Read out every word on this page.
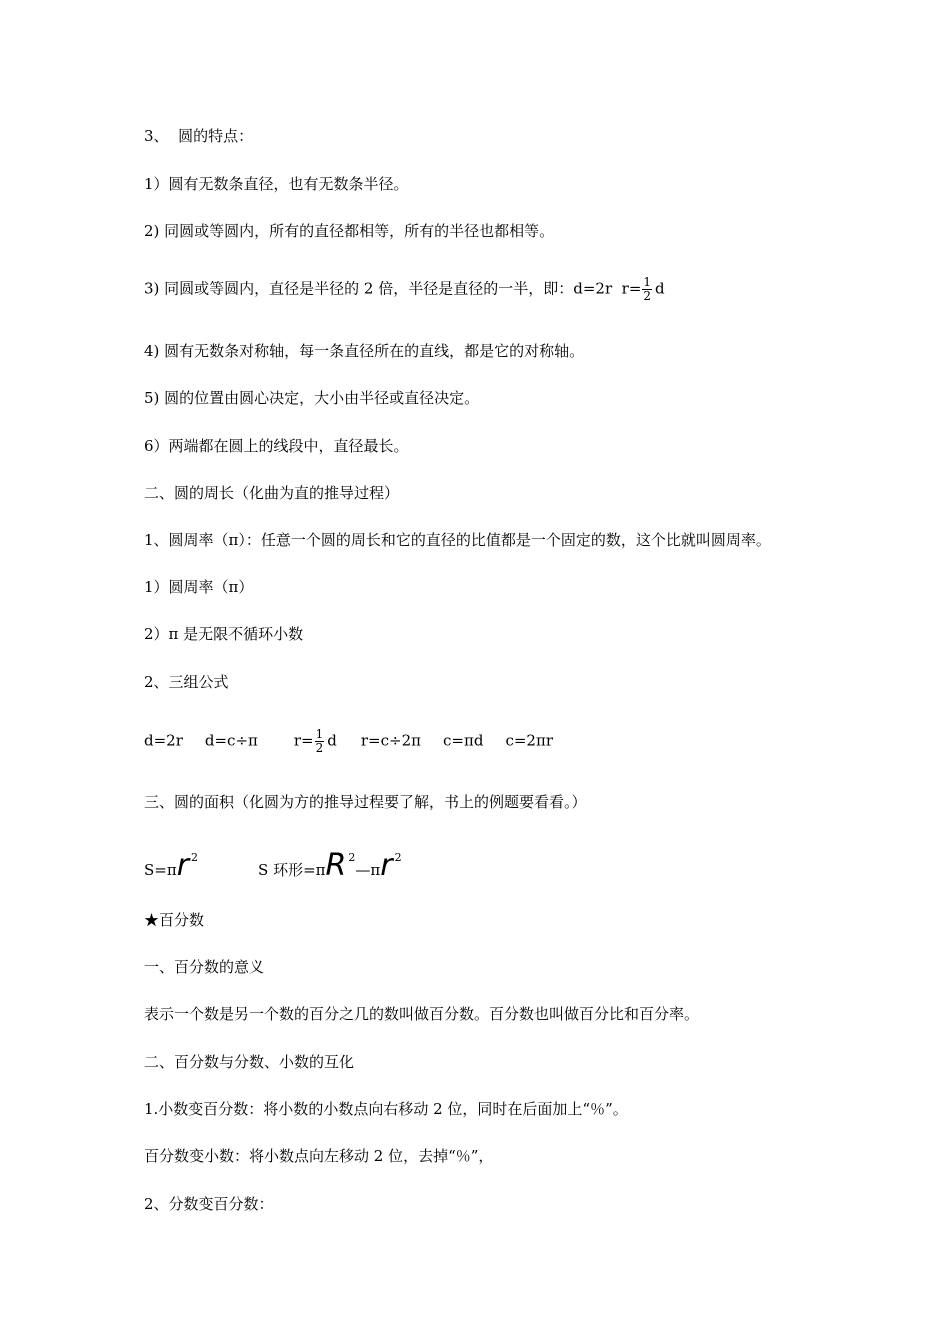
3、  圆的特点：
1）圆有无数条直径，也有无数条半径。
2) 同圆或等圆内，所有的直径都相等，所有的半径也都相等。
3) 同圆或等圆内，直径是半径的 2 倍，半径是直径的一半，即：d=2r  $r= \frac{1}{2}$ d
4) 圆有无数条对称轴，每一条直径所在的直线，都是它的对称轴。
5) 圆的位置由圆心决定，大小由半径或直径决定。
6）两端都在圆上的线段中，直径最长。
二、圆的周长（化曲为直的推导过程）
1、圆周率（π）：任意一个圆的周长和它的直径的比值都是一个固定的数，这个比就叫圆周率。
1）圆周率（π）
2）π 是无限不循环小数
2、三组公式
d=2r d=c÷π $r= \frac{1}{2}$ d r=c÷2π c=πd c=2πr
三、圆的面积（化圆为方的推导过程要了解，书上的例题要看看。）
S=πr $^2$S 环形=πR $^2$—πr $^2$
★百分数
一、百分数的意义
表示一个数是另一个数的百分之几的数叫做百分数。百分数也叫做百分比和百分率。
二、百分数与分数、小数的互化
1.小数变百分数：将小数的小数点向右移动 2 位，同时在后面加上“％”。
百分数变小数：将小数点向左移动 2 位，去掉“％”，
2、分数变百分数：
